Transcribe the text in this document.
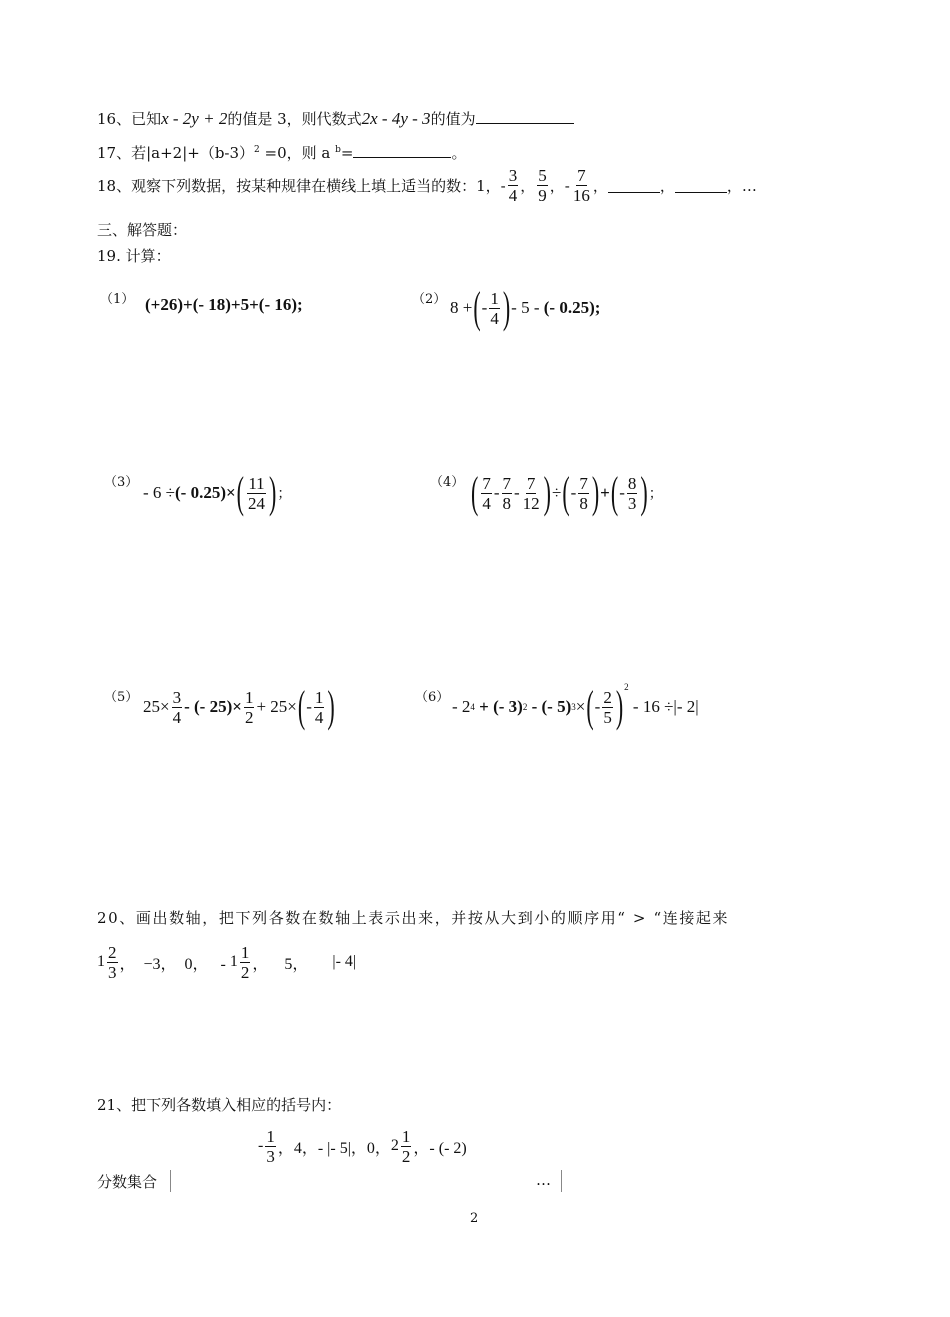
16、已知x - 2y + 2的值是 3，则代数式2x - 4y - 3的值为
17、若$|a+2|+(b-3)^2 =0$，则 a $^b$=	。
18、观察下列数据，按某种规律在横线上填上适当的数： 1，- $\frac{3}{4}$ ， $\frac{5}{9}$ ，- $\frac{7}{16}$ ，	，	， …
三、解答题：
19. 计算：
（1） (+26)+(- 18)+5+(- 16);	（2） 8 + ( - $\frac{1}{4}$ ) - 5 -
(- 0.25) ;
（3）
- 6 ÷ (- 0.25)× ( $\frac{11}{24}$ ) ；
（4） ( $\frac{7}{4} - \frac{7}{8} - \frac{7}{12}$ ) ÷ ( - $\frac{7}{8}$ ) + ( - $\frac{8}{3}$ ) ；
（5） $25\times \frac{3}{4}$ - (- $25)\times \frac{1}{2} + 25\times$ ( - $\frac{1}{4}$ )	（6） - 2 4
+ (- 3) 2
- (- 5) 3 × ( - $\frac{2}{5} )^2$

- 16 ÷ | - 2 |
20、画出数轴，把下列各数在数轴上表示出来，并按从大到小的顺序用“ > “连接起来
$1 \frac{2}{3}$ ，  −3，  0，   -
$1 \frac{1}{2}$ ，    5，
| - 4 |
21、把下列各数填入相应的括号内：
- $\frac{1}{3}$ ，4，- |- 5|，0， $2 \frac{1}{2}$ ，- (- 2)
分数集合	…
2
